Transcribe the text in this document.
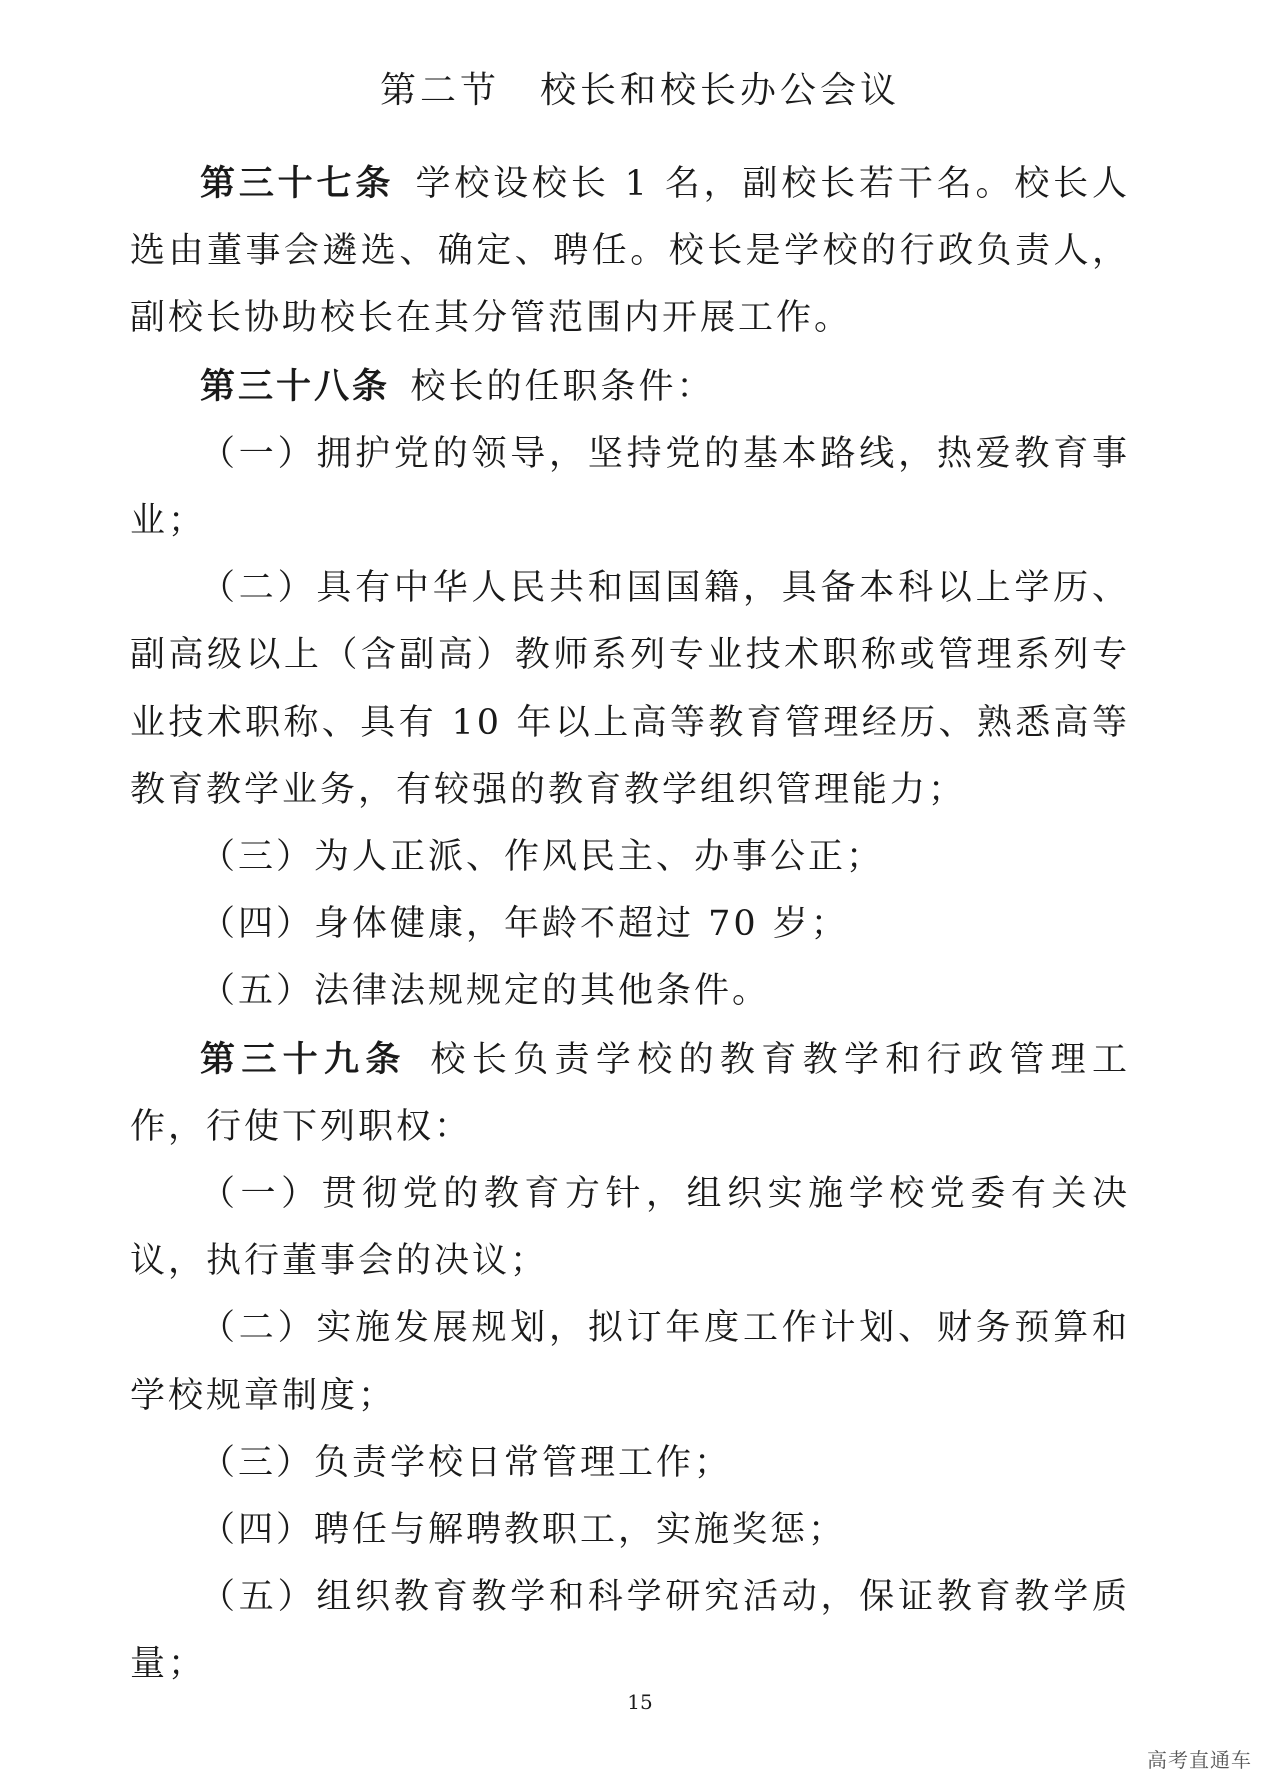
第二节　校长和校长办公会议

第三十七条  学校设校长 1 名，副校长若干名。校长人选由董事会遴选、确定、聘任。校长是学校的行政负责人，副校长协助校长在其分管范围内开展工作。

第三十八条  校长的任职条件：

（一）拥护党的领导，坚持党的基本路线，热爱教育事业；

（二）具有中华人民共和国国籍，具备本科以上学历、副高级以上（含副高）教师系列专业技术职称或管理系列专业技术职称、具有 10 年以上高等教育管理经历、熟悉高等教育教学业务，有较强的教育教学组织管理能力；

（三）为人正派、作风民主、办事公正；

（四）身体健康，年龄不超过 70 岁；

（五）法律法规规定的其他条件。

第三十九条  校长负责学校的教育教学和行政管理工作，行使下列职权：

（一）贯彻党的教育方针，组织实施学校党委有关决议，执行董事会的决议；

（二）实施发展规划，拟订年度工作计划、财务预算和学校规章制度；

（三）负责学校日常管理工作；

（四）聘任与解聘教职工，实施奖惩；

（五）组织教育教学和科学研究活动，保证教育教学质量；

15
高考直通车
